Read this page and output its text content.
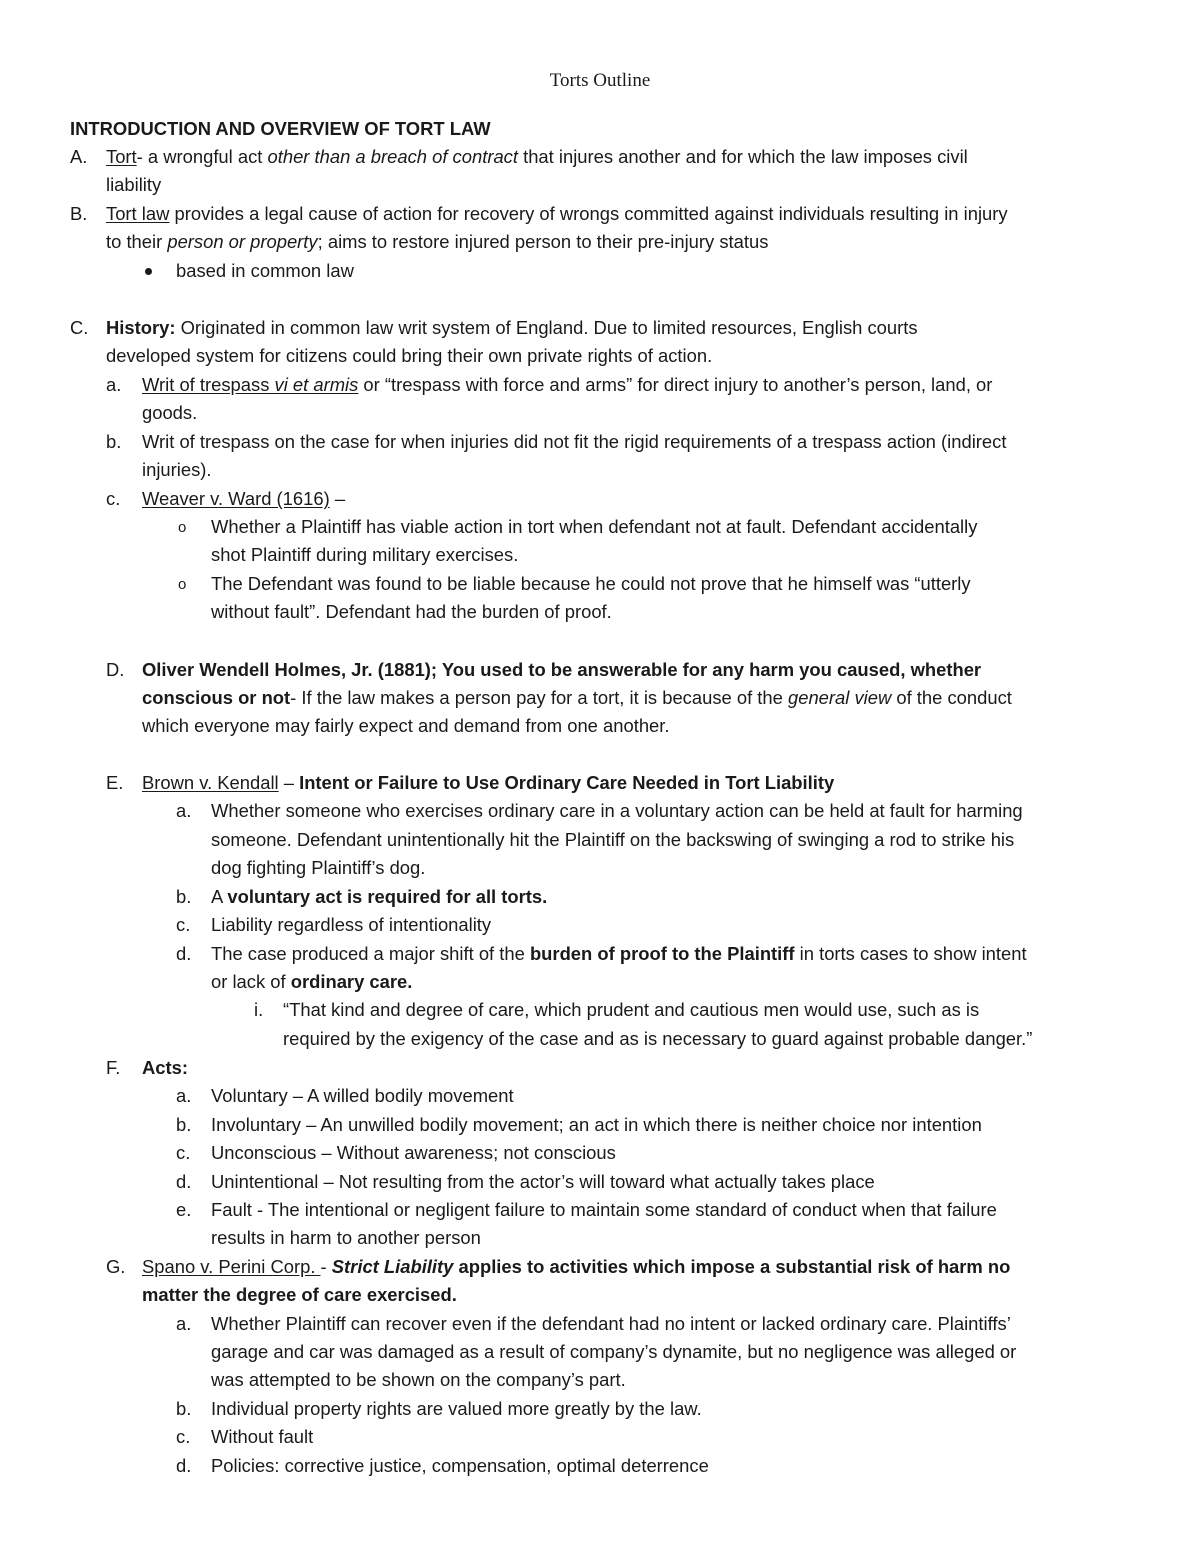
Torts Outline
INTRODUCTION AND OVERVIEW OF TORT LAW
A. Tort- a wrongful act other than a breach of contract that injures another and for which the law imposes civil
liability
B. Tort law provides a legal cause of action for recovery of wrongs committed against individuals resulting in injury
to their person or property; aims to restore injured person to their pre-injury status
based in common law
C. History: Originated in common law writ system of England. Due to limited resources, English courts
developed system for citizens could bring their own private rights of action.
a. Writ of trespass vi et armis or “trespass with force and arms” for direct injury to another’s person, land, or
goods.
b. Writ of trespass on the case for when injuries did not fit the rigid requirements of a trespass action (indirect
injuries).
c. Weaver v. Ward (1616) –
o Whether a Plaintiff has viable action in tort when defendant not at fault. Defendant accidentally
shot Plaintiff during military exercises.
o The Defendant was found to be liable because he could not prove that he himself was “utterly
without fault”. Defendant had the burden of proof.
D. Oliver Wendell Holmes, Jr. (1881); You used to be answerable for any harm you caused, whether
conscious or not- If the law makes a person pay for a tort, it is because of the general view of the conduct
which everyone may fairly expect and demand from one another.
E. Brown v. Kendall – Intent or Failure to Use Ordinary Care Needed in Tort Liability
a. Whether someone who exercises ordinary care in a voluntary action can be held at fault for harming
someone. Defendant unintentionally hit the Plaintiff on the backswing of swinging a rod to strike his
dog fighting Plaintiff’s dog.
b. A voluntary act is required for all torts.
c. Liability regardless of intentionality
d. The case produced a major shift of the burden of proof to the Plaintiff in torts cases to show intent
or lack of ordinary care.
i. “That kind and degree of care, which prudent and cautious men would use, such as is
required by the exigency of the case and as is necessary to guard against probable danger.”
F. Acts:
a. Voluntary – A willed bodily movement
b. Involuntary – An unwilled bodily movement; an act in which there is neither choice nor intention
c. Unconscious – Without awareness; not conscious
d. Unintentional – Not resulting from the actor’s will toward what actually takes place
e. Fault - The intentional or negligent failure to maintain some standard of conduct when that failure
results in harm to another person
G. Spano v. Perini Corp. - Strict Liability applies to activities which impose a substantial risk of harm no
matter the degree of care exercised.
a. Whether Plaintiff can recover even if the defendant had no intent or lacked ordinary care. Plaintiffs’
garage and car was damaged as a result of company’s dynamite, but no negligence was alleged or
was attempted to be shown on the company’s part.
b. Individual property rights are valued more greatly by the law.
c. Without fault
d. Policies: corrective justice, compensation, optimal deterrence
